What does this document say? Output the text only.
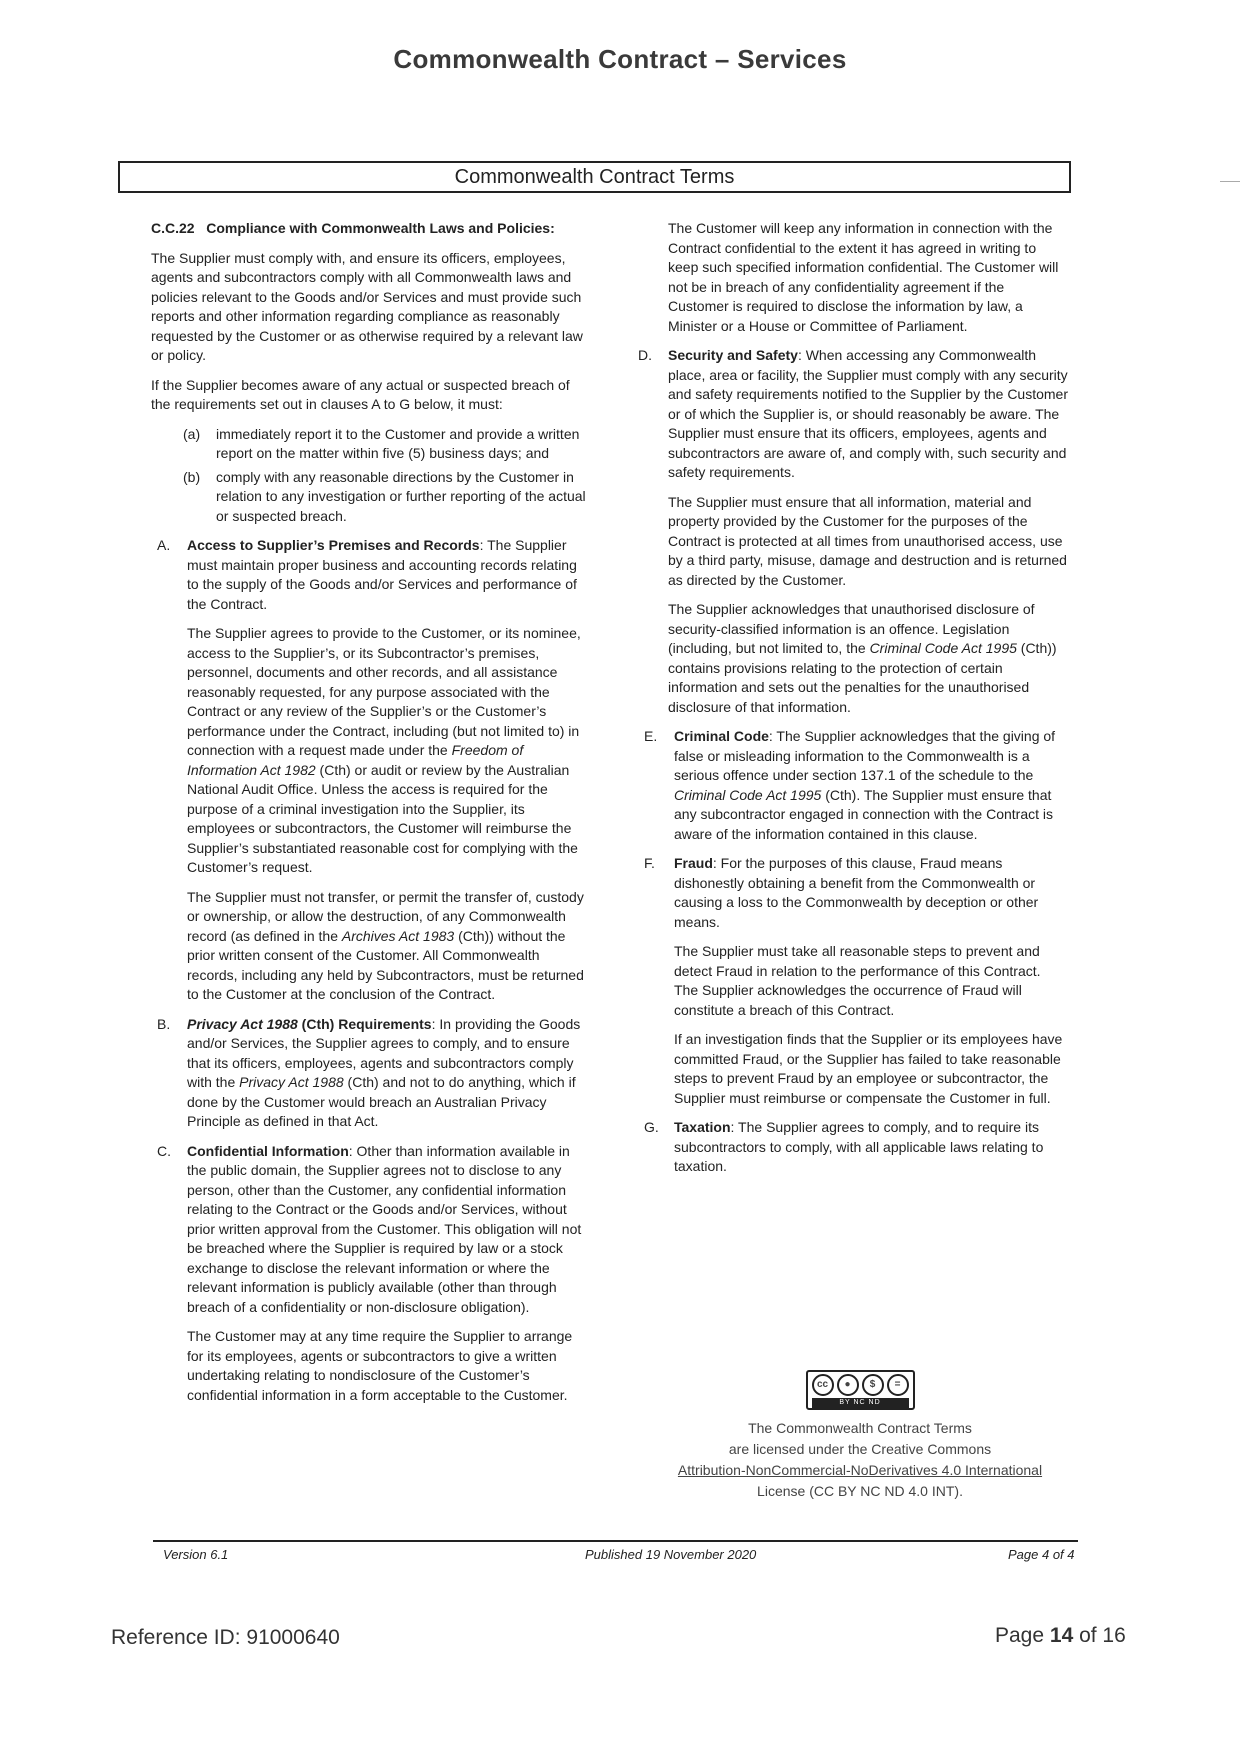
Commonwealth Contract – Services
Commonwealth Contract Terms

C.C.22 Compliance with Commonwealth Laws and Policies:

The Supplier must comply with, and ensure its officers, employees, agents and subcontractors comply with all Commonwealth laws and policies relevant to the Goods and/or Services and must provide such reports and other information regarding compliance as reasonably requested by the Customer or as otherwise required by a relevant law or policy.

If the Supplier becomes aware of any actual or suspected breach of the requirements set out in clauses A to G below, it must:

(a) immediately report it to the Customer and provide a written report on the matter within five (5) business days; and
(b) comply with any reasonable directions by the Customer in relation to any investigation or further reporting of the actual or suspected breach.
A. Access to Supplier’s Premises and Records: The Supplier must maintain proper business and accounting records relating to the supply of the Goods and/or Services and performance of the Contract.

The Supplier agrees to provide to the Customer, or its nominee, access to the Supplier’s, or its Subcontractor’s premises, personnel, documents and other records, and all assistance reasonably requested, for any purpose associated with the Contract or any review of the Supplier’s or the Customer’s performance under the Contract, including (but not limited to) in connection with a request made under the Freedom of Information Act 1982 (Cth) or audit or review by the Australian National Audit Office. Unless the access is required for the purpose of a criminal investigation into the Supplier, its employees or subcontractors, the Customer will reimburse the Supplier’s substantiated reasonable cost for complying with the Customer’s request.

The Supplier must not transfer, or permit the transfer of, custody or ownership, or allow the destruction, of any Commonwealth record (as defined in the Archives Act 1983 (Cth)) without the prior written consent of the Customer. All Commonwealth records, including any held by Subcontractors, must be returned to the Customer at the conclusion of the Contract.

B. Privacy Act 1988 (Cth) Requirements: In providing the Goods and/or Services, the Supplier agrees to comply, and to ensure that its officers, employees, agents and subcontractors comply with the Privacy Act 1988 (Cth) and not to do anything, which if done by the Customer would breach an Australian Privacy Principle as defined in that Act.

C. Confidential Information: Other than information available in the public domain, the Supplier agrees not to disclose to any person, other than the Customer, any confidential information relating to the Contract or the Goods and/or Services, without prior written approval from the Customer. This obligation will not be breached where the Supplier is required by law or a stock exchange to disclose the relevant information or where the relevant information is publicly available (other than through breach of a confidentiality or non-disclosure obligation).

The Customer may at any time require the Supplier to arrange for its employees, agents or subcontractors to give a written undertaking relating to nondisclosure of the Customer’s confidential information in a form acceptable to the Customer.

The Customer will keep any information in connection with the Contract confidential to the extent it has agreed in writing to keep such specified information confidential. The Customer will not be in breach of any confidentiality agreement if the Customer is required to disclose the information by law, a Minister or a House or Committee of Parliament.

D. Security and Safety: When accessing any Commonwealth place, area or facility, the Supplier must comply with any security and safety requirements notified to the Supplier by the Customer or of which the Supplier is, or should reasonably be aware. The Supplier must ensure that its officers, employees, agents and subcontractors are aware of, and comply with, such security and safety requirements.

The Supplier must ensure that all information, material and property provided by the Customer for the purposes of the Contract is protected at all times from unauthorised access, use by a third party, misuse, damage and destruction and is returned as directed by the Customer.

The Supplier acknowledges that unauthorised disclosure of security-classified information is an offence. Legislation (including, but not limited to, the Criminal Code Act 1995 (Cth)) contains provisions relating to the protection of certain information and sets out the penalties for the unauthorised disclosure of that information.

E. Criminal Code: The Supplier acknowledges that the giving of false or misleading information to the Commonwealth is a serious offence under section 137.1 of the schedule to the Criminal Code Act 1995 (Cth). The Supplier must ensure that any subcontractor engaged in connection with the Contract is aware of the information contained in this clause.

F. Fraud: For the purposes of this clause, Fraud means dishonestly obtaining a benefit from the Commonwealth or causing a loss to the Commonwealth by deception or other means.

The Supplier must take all reasonable steps to prevent and detect Fraud in relation to the performance of this Contract. The Supplier acknowledges the occurrence of Fraud will constitute a breach of this Contract.

If an investigation finds that the Supplier or its employees have committed Fraud, or the Supplier has failed to take reasonable steps to prevent Fraud by an employee or subcontractor, the Supplier must reimburse or compensate the Customer in full.

G. Taxation: The Supplier agrees to comply, and to require its subcontractors to comply, with all applicable laws relating to taxation.

cc	●	$	=
BY NC ND
The Commonwealth Contract Terms
are licensed under the Creative Commons
Attribution-NonCommercial-NoDerivatives 4.0 International
License (CC BY NC ND 4.0 INT).
Version 6.1	Published 19 November 2020	Page 4 of 4
Reference ID: 91000640	Page 14 of 16
